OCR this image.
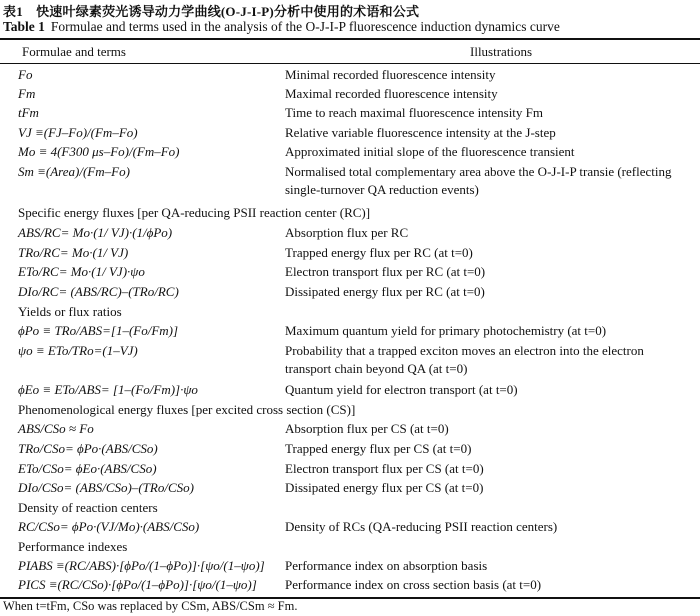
表1　快速叶绿素荧光诱导动力学曲线(O-J-I-P)分析中使用的术语和公式
Table 1 Formulae and terms used in the analysis of the O-J-I-P fluorescence induction dynamics curve
Formulae and terms	Illustrations
Fo	Minimal recorded fluorescence intensity
Fm	Maximal recorded fluorescence intensity
tFm	Time to reach maximal fluorescence intensity Fm
VJ ≡(FJ–Fo)/(Fm–Fo)	Relative variable fluorescence intensity at the J-step
Mo ≡ 4(F300 μs–Fo)/(Fm–Fo)	Approximated initial slope of the fluorescence transient
Sm ≡(Area)/(Fm–Fo)	Normalised total complementary area above the O-J-I-P transie (reflecting single-turnover QA reduction events)
Specific energy fluxes [per QA-reducing PSII reaction center (RC)]
ABS/RC= Mo·(1/ VJ)·(1/ϕPo)	Absorption flux per RC
TRo/RC= Mo·(1/ VJ)	Trapped energy flux per RC (at t=0)
ETo/RC= Mo·(1/ VJ)·ψo	Electron transport flux per RC (at t=0)
DIo/RC= (ABS/RC)–(TRo/RC)	Dissipated energy flux per RC (at t=0)
Yields or flux ratios
ϕPo ≡ TRo/ABS=[1–(Fo/Fm)]	Maximum quantum yield for primary photochemistry (at t=0)
ψo ≡ ETo/TRo=(1–VJ)	Probability that a trapped exciton moves an electron into the electron transport chain beyond QA (at t=0)
ϕEo ≡ ETo/ABS= [1–(Fo/Fm)]·ψo	Quantum yield for electron transport (at t=0)
Phenomenological energy fluxes [per excited cross section (CS)]
ABS/CSo ≈ Fo	Absorption flux per CS (at t=0)
TRo/CSo= ϕPo·(ABS/CSo)	Trapped energy flux per CS (at t=0)
ETo/CSo= ϕEo·(ABS/CSo)	Electron transport flux per CS (at t=0)
DIo/CSo= (ABS/CSo)–(TRo/CSo)	Dissipated energy flux per CS (at t=0)
Density of reaction centers
RC/CSo= ϕPo·(VJ/Mo)·(ABS/CSo)	Density of RCs (QA-reducing PSII reaction centers)
Performance indexes
PIABS ≡(RC/ABS)·[ϕPo/(1–ϕPo)]·[ψo/(1–ψo)] Performance index on absorption basis
PICS ≡(RC/CSo)·[ϕPo/(1–ϕPo)]·[ψo/(1–ψo)] Performance index on cross section basis (at t=0)
When t=tFm, CSo was replaced by CSm, ABS/CSm ≈ Fm.
